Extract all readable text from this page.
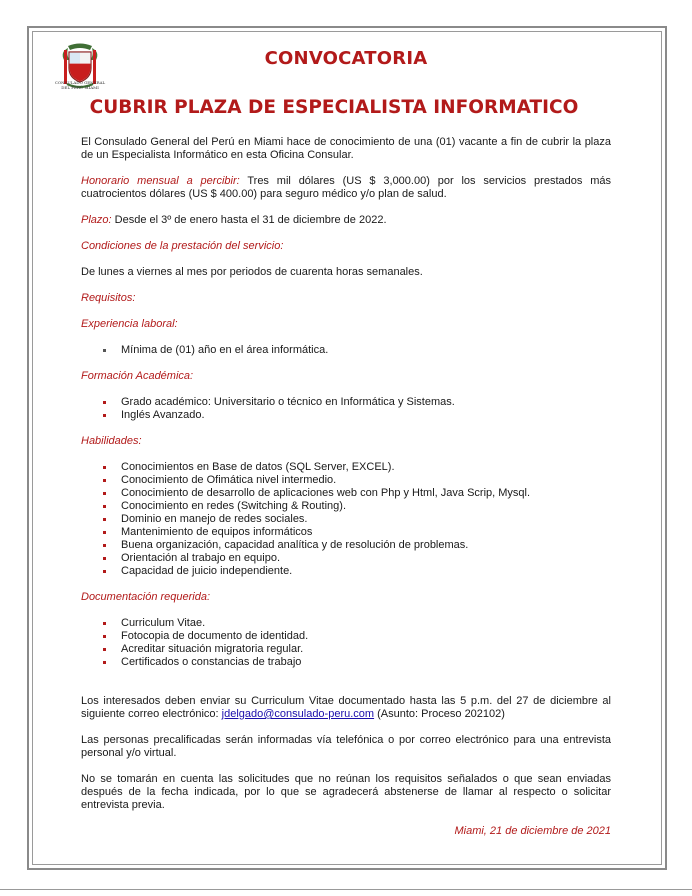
CONSULADO GENERAL DEL PERÚ MIAMI
CONVOCATORIA
CUBRIR PLAZA DE ESPECIALISTA INFORMATICO

El Consulado General del Perú en Miami hace de conocimiento de una (01) vacante a fin de cubrir la plaza de un Especialista Informático en esta Oficina Consular.

Honorario mensual a percibir: Tres mil dólares (US $ 3,000.00) por los servicios prestados más cuatrocientos dólares (US $ 400.00) para seguro médico y/o plan de salud.

Plazo: Desde el 3º de enero hasta el 31 de diciembre de 2022.

Condiciones de la prestación del servicio:

De lunes a viernes al mes por periodos de cuarenta horas semanales.

Requisitos:

Experiencia laboral:

Mínima de (01) año en el área informática.

Formación Académica:

Grado académico: Universitario o técnico en Informática y Sistemas.
Inglés Avanzado.

Habilidades:

Conocimientos en Base de datos (SQL Server, EXCEL).
Conocimiento de Ofimática nivel intermedio.
Conocimiento de desarrollo de aplicaciones web con Php y Html, Java Scrip, Mysql.
Conocimiento en redes (Switching & Routing).
Dominio en manejo de redes sociales.
Mantenimiento de equipos informáticos
Buena organización, capacidad analítica y de resolución de problemas.
Orientación al trabajo en equipo.
Capacidad de juicio independiente.

Documentación requerida:

Curriculum Vitae.
Fotocopia de documento de identidad.
Acreditar situación migratoria regular.
Certificados o constancias de trabajo

Los interesados deben enviar su Curriculum Vitae documentado hasta las 5 p.m. del 27 de diciembre al siguiente correo electrónico: jdelgado@consulado-peru.com (Asunto: Proceso 202102)

Las personas precalificadas serán informadas vía telefónica o por correo electrónico para una entrevista personal y/o virtual.

No se tomarán en cuenta las solicitudes que no reúnan los requisitos señalados o que sean enviadas después de la fecha indicada, por lo que se agradecerá abstenerse de llamar al respecto o solicitar entrevista previa.

Miami, 21 de diciembre de 2021
